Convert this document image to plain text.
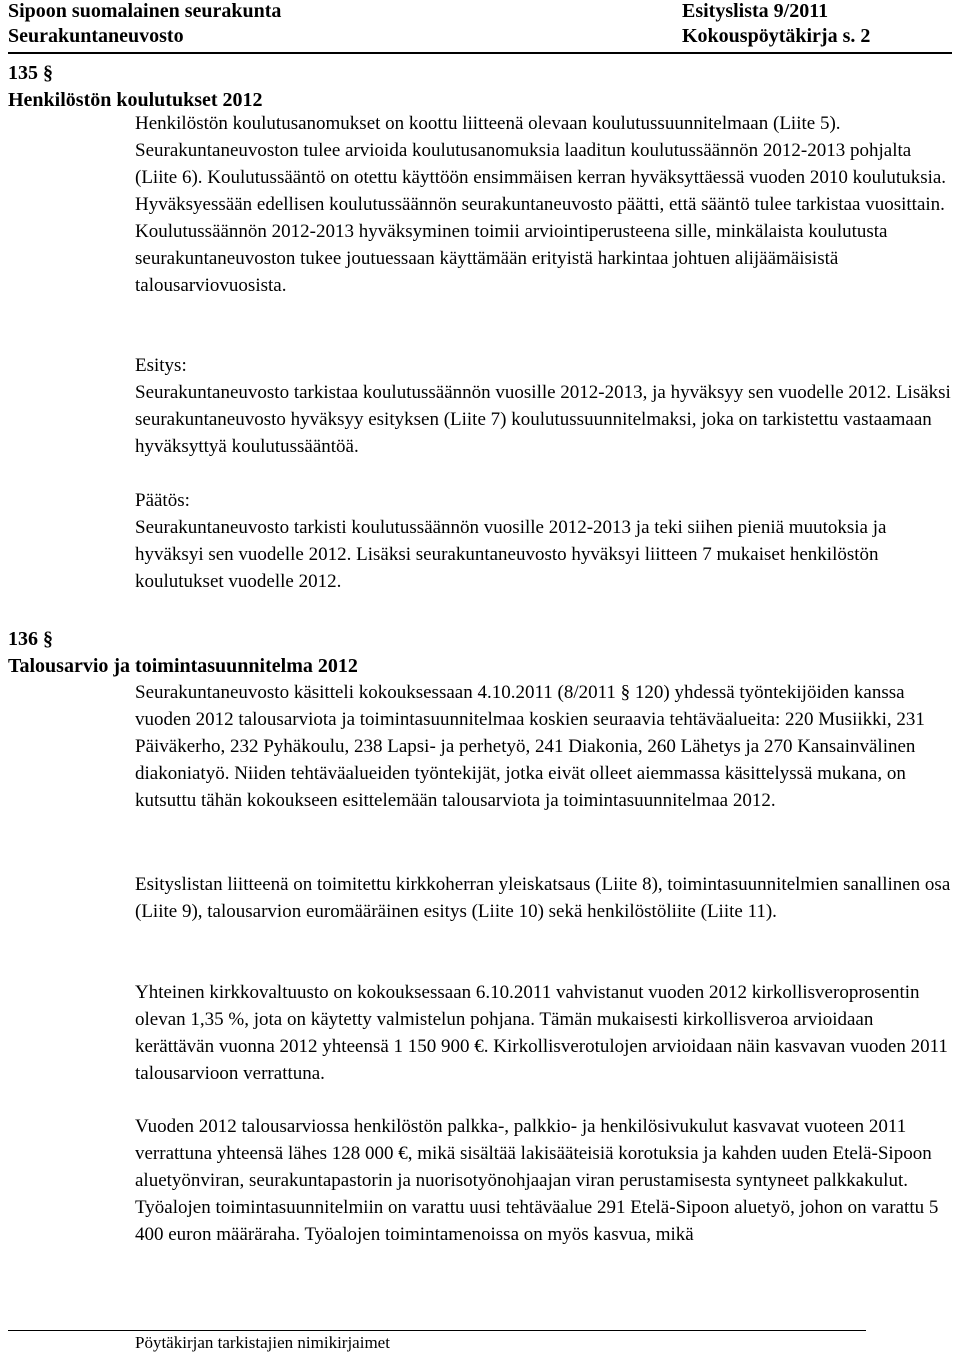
Sipoon suomalainen seurakunta	Esityslista 9/2011
Seurakuntaneuvosto	Kokouspöytäkirja s. 2
135 §
Henkilöstön koulutukset 2012

Henkilöstön koulutusanomukset on koottu liitteenä olevaan koulutussuunnitelmaan (Liite 5). Seurakuntaneuvoston tulee arvioida koulutusanomuksia laaditun koulutussäännön 2012-2013 pohjalta (Liite 6). Koulutussääntö on otettu käyttöön ensimmäisen kerran hyväksyttäessä vuoden 2010 koulutuksia. Hyväksyessään edellisen koulutussäännön seurakuntaneuvosto päätti, että sääntö tulee tarkistaa vuosittain. Koulutussäännön 2012-2013 hyväksyminen toimii arviointiperusteena sille, minkälaista koulutusta seurakuntaneuvoston tukee joutuessaan käyttämään erityistä harkintaa johtuen alijäämäisistä talousarviovuosista.

Esitys:

Seurakuntaneuvosto tarkistaa koulutussäännön vuosille 2012-2013, ja hyväksyy sen vuodelle 2012. Lisäksi seurakuntaneuvosto hyväksyy esityksen (Liite 7) koulutussuunnitelmaksi, joka on tarkistettu vastaamaan hyväksyttyä koulutussääntöä.

Päätös:

Seurakuntaneuvosto tarkisti koulutussäännön vuosille 2012-2013 ja teki siihen pieniä muutoksia ja hyväksyi sen vuodelle 2012. Lisäksi seurakuntaneuvosto hyväksyi liitteen 7 mukaiset henkilöstön koulutukset vuodelle 2012.

136 §
Talousarvio ja toimintasuunnitelma 2012

Seurakuntaneuvosto käsitteli kokouksessaan 4.10.2011 (8/2011 § 120) yhdessä työntekijöiden kanssa vuoden 2012 talousarviota ja toimintasuunnitelmaa koskien seuraavia tehtäväalueita: 220 Musiikki, 231 Päiväkerho, 232 Pyhäkoulu, 238 Lapsi- ja perhetyö, 241 Diakonia, 260 Lähetys ja 270 Kansainvälinen diakoniatyö. Niiden tehtäväalueiden työntekijät, jotka eivät olleet aiemmassa käsittelyssä mukana, on kutsuttu tähän kokoukseen esittelemään talousarviota ja toimintasuunnitelmaa 2012.

Esityslistan liitteenä on toimitettu kirkkoherran yleiskatsaus (Liite 8), toimintasuunnitelmien sanallinen osa (Liite 9), talousarvion euromääräinen esitys (Liite 10) sekä henkilöstöliite (Liite 11).

Yhteinen kirkkovaltuusto on kokouksessaan 6.10.2011 vahvistanut vuoden 2012 kirkollisveroprosentin olevan 1,35 %, jota on käytetty valmistelun pohjana. Tämän mukaisesti kirkollisveroa arvioidaan kerättävän vuonna 2012 yhteensä 1 150 900 €. Kirkollisverotulojen arvioidaan näin kasvavan vuoden 2011 talousarvioon verrattuna.

Vuoden 2012 talousarviossa henkilöstön palkka-, palkkio- ja henkilösivukulut kasvavat vuoteen 2011 verrattuna yhteensä lähes 128 000 €, mikä sisältää lakisääteisiä korotuksia ja kahden uuden Etelä-Sipoon aluetyönviran, seurakuntapastorin ja nuorisotyönohjaajan viran perustamisesta syntyneet palkkakulut. Työalojen toimintasuunnitelmiin on varattu uusi tehtäväalue 291 Etelä-Sipoon aluetyö, johon on varattu 5 400 euron määräraha. Työalojen toimintamenoissa on myös kasvua, mikä

Pöytäkirjan tarkistajien nimikirjaimet
